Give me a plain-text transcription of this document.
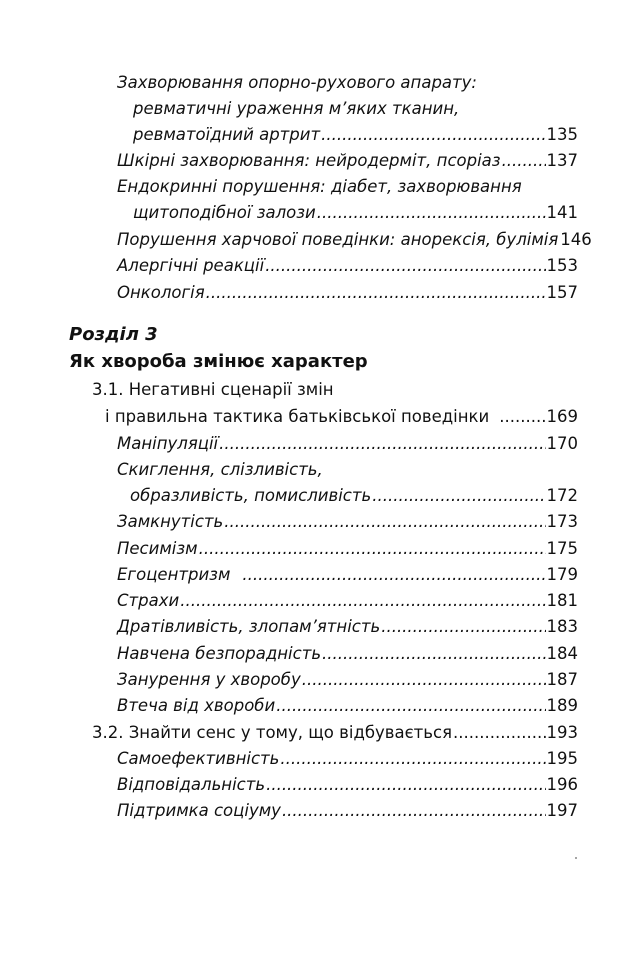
Захворювання опорно-рухового апарату:
ревматичні ураження м’яких тканин,
ревматоїдний артрит .....	135
Шкірні захворювання: нейродерміт, псоріаз .....	137
Ендокринні порушення: діабет, захворювання
щитоподібної залози .....	141
Порушення харчової поведінки: анорексія, булімія 146
Алергічні реакції .....	153
Онкологія .....	157
Розділ 3
Як хвороба змінює характер
3.1. Негативні сценарії змін
і правильна тактика батьківської поведінки .....	169
Маніпуляції .....	170
Скиглення, слізливість,
образливість, помисливість .....	172
Замкнутість .....	173
Песимізм .....	175
Егоцентризм .....	179
Страхи .....	181
Дратівливість, злопам’ятність .....	183
Навчена безпорадність .....	184
Занурення у хворобу .....	187
Втеча від хвороби .....	189
3.2. Знайти сенс у тому, що відбувається .....	193
Самоефективність .....	195
Відповідальність .....	196
Підтримка соціуму .....	197
